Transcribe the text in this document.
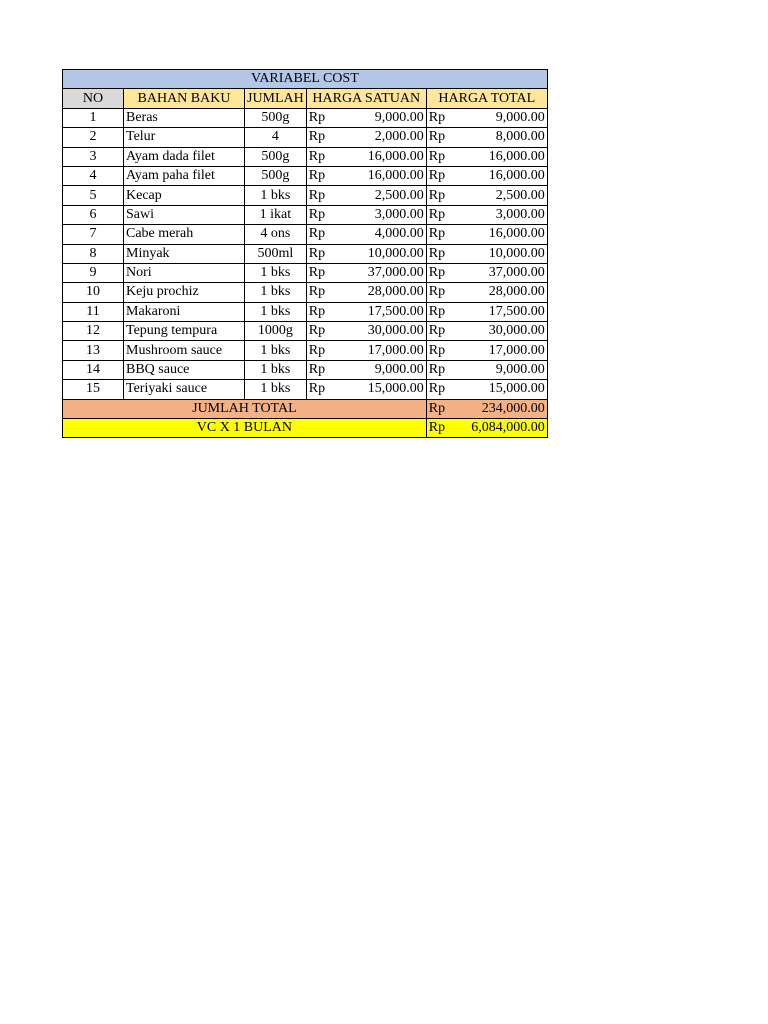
VARIABEL COST						
NO	BAHAN BAKU	JUMLAH	HARGA SATUAN		HARGA TOTAL	
1	Beras	500g	Rp	9,000.00	Rp	9,000.00
2	Telur	4	Rp	2,000.00	Rp	8,000.00
3	Ayam dada filet	500g	Rp	16,000.00	Rp	16,000.00
4	Ayam paha filet	500g	Rp	16,000.00	Rp	16,000.00
5	Kecap	1 bks	Rp	2,500.00	Rp	2,500.00
6	Sawi	1 ikat	Rp	3,000.00	Rp	3,000.00
7	Cabe merah	4 ons	Rp	4,000.00	Rp	16,000.00
8	Minyak	500ml	Rp	10,000.00	Rp	10,000.00
9	Nori	1 bks	Rp	37,000.00	Rp	37,000.00
10	Keju prochiz	1 bks	Rp	28,000.00	Rp	28,000.00
11	Makaroni	1 bks	Rp	17,500.00	Rp	17,500.00
12	Tepung tempura	1000g	Rp	30,000.00	Rp	30,000.00
13	Mushroom sauce	1 bks	Rp	17,000.00	Rp	17,000.00
14	BBQ sauce	1 bks	Rp	9,000.00	Rp	9,000.00
15	Teriyaki sauce	1 bks	Rp	15,000.00	Rp	15,000.00
JUMLAH TOTAL					Rp	234,000.00
VC X 1 BULAN					Rp	6,084,000.00
